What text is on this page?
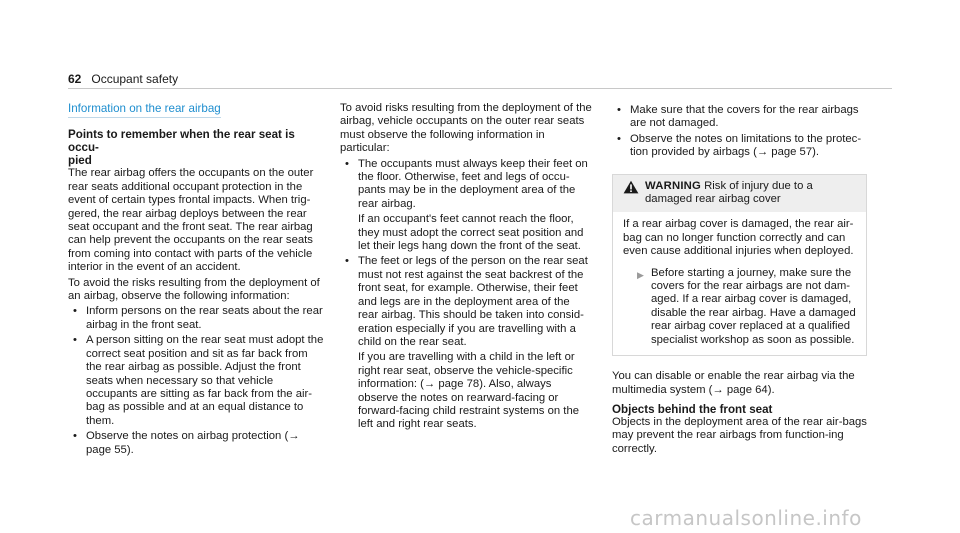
62 Occupant safety
Information on the rear airbag

Points to remember when the rear seat is occu-
pied

The rear airbag offers the occupants on the outer rear seats additional occupant protection in the event of certain types frontal impacts. When trig-gered, the rear airbag deploys between the rear seat occupant and the front seat. The rear airbag can help prevent the occupants on the rear seats from coming into contact with parts of the vehicle interior in the event of an accident.

To avoid the risks resulting from the deployment of an airbag, observe the following information:

• Inform persons on the rear seats about the rear airbag in the front seat.

• A person sitting on the rear seat must adopt the correct seat position and sit as far back from the rear airbag as possible. Adjust the front seats when necessary so that vehicle occupants are sitting as far back from the air-bag as possible and at an equal distance to them.

• Observe the notes on airbag protection (→ page 55).

To avoid risks resulting from the deployment of the airbag, vehicle occupants on the outer rear seats must observe the following information in particular:

• The occupants must always keep their feet on the floor. Otherwise, feet and legs of occu-pants may be in the deployment area of the rear airbag.

If an occupant's feet cannot reach the floor, they must adopt the correct seat position and let their legs hang down the front of the seat.

• The feet or legs of the person on the rear seat must not rest against the seat backrest of the front seat, for example. Otherwise, their feet and legs are in the deployment area of the rear airbag. This should be taken into consid-eration especially if you are travelling with a child on the rear seat.

If you are travelling with a child in the left or right rear seat, observe the vehicle-specific information: (→ page 78). Also, always observe the notes on rearward-facing or forward-facing child restraint systems on the left and right rear seats.

• Make sure that the covers for the rear airbags are not damaged.

• Observe the notes on limitations to the protec-tion provided by airbags (→ page 57).

WARNING Risk of injury due to a damaged rear airbag cover

If a rear airbag cover is damaged, the rear air-bag can no longer function correctly and can even cause additional injuries when deployed.

▶ Before starting a journey, make sure the covers for the rear airbags are not dam-aged. If a rear airbag cover is damaged, disable the rear airbag. Have a damaged rear airbag cover replaced at a qualified specialist workshop as soon as possible.

You can disable or enable the rear airbag via the multimedia system (→ page 64).

Objects behind the front seat

Objects in the deployment area of the rear air-bags may prevent the rear airbags from function-ing correctly.

carmanualsonline.info
